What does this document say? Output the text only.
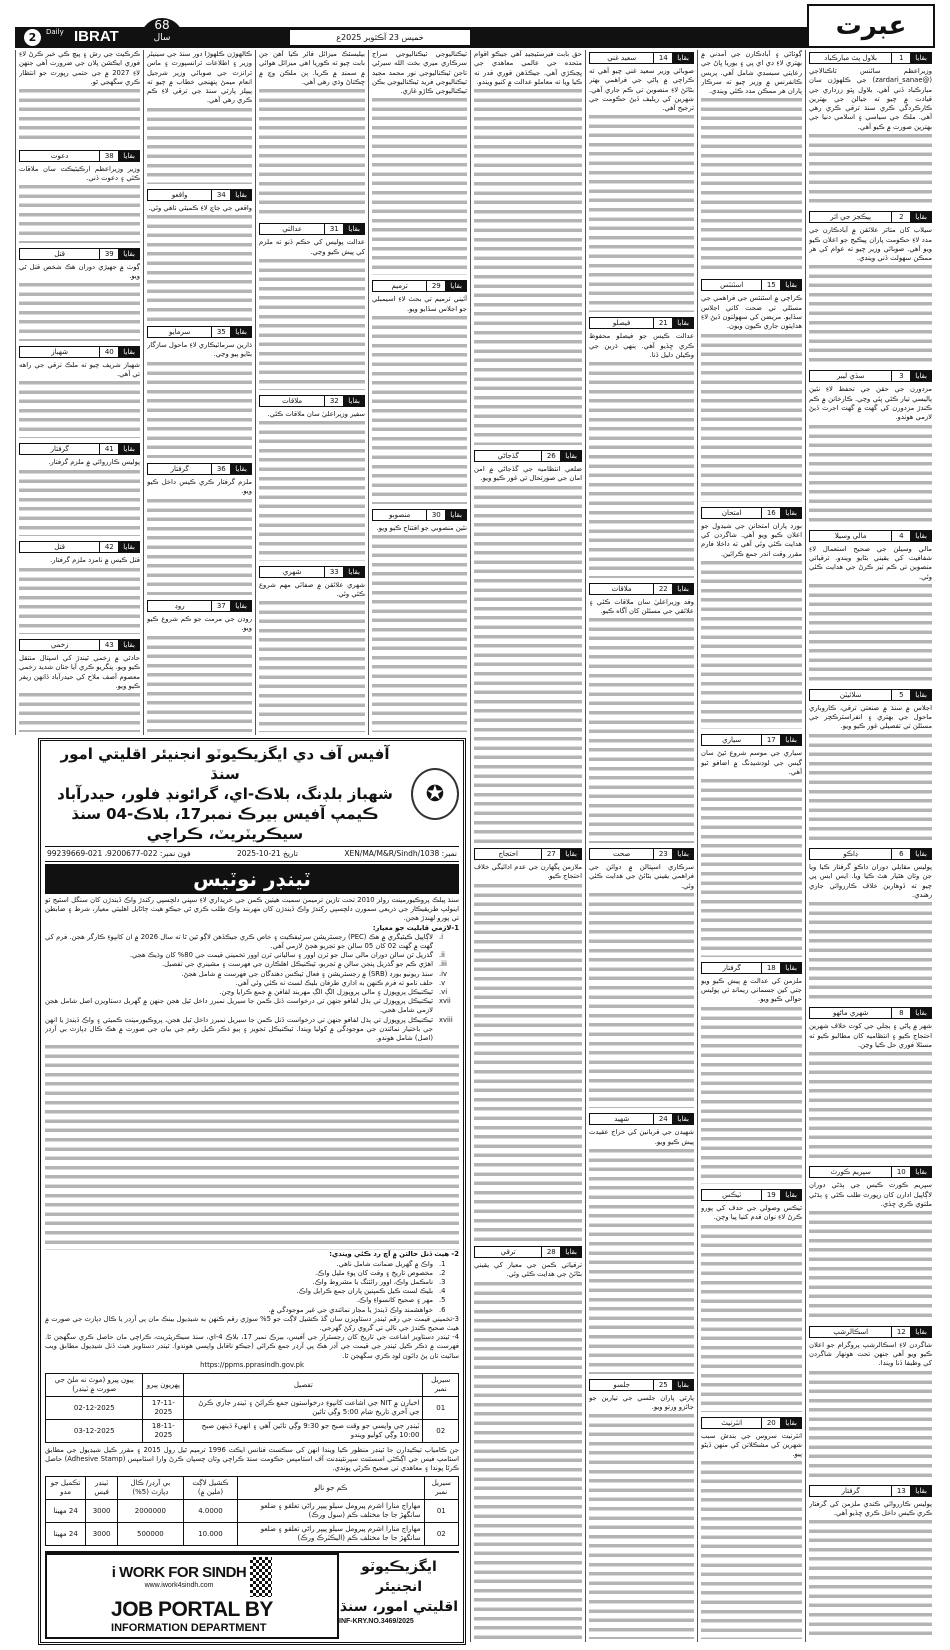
عبرت
2	Daily IBRAT
68
سال	خميس 23 آڪٽوبر 2025ع
بقايا
1
بلاول پٽ مبارڪباد
وزيراعظم سائنس ٽاڪنالاجي (@zardari_sanae) جي ڪلهوڙن سان مبارڪباد ڏني آهي. بلاول ڀٽو زرداري جي قيادت ۾ چيو ته جيالن جي بهترين ڪارڪردگي ڪري سنڌ ترقي ڪري رهي آهي. ملڪ جي سياسي ۽ اسلامي دنيا جي بهترين صورت ۾ ڪيو آهي.
بقايا
2
پيڪجز جي اثر
سيلاب کان متاثر علائقن ۾ آبادڪارن جي مدد لاءِ حڪومت پاران پيڪيج جو اعلان ڪيو ويو آهي. صوبائي وزير چيو ته عوام کي هر ممڪن سهولت ڏني ويندي.
بقايا
3
سڌي ليبر
مزدورن جي حقن جي تحفظ لاءِ نئين پاليسي تيار ڪئي پئي وڃي. ڪارخانن ۾ ڪم ڪندڙ مزدورن کي گهٽ ۾ گهٽ اجرت ڏيڻ لازمي هوندو.
بقايا
4
مالي وسيلا
مالي وسيلن جي صحيح استعمال لاءِ شفافيت کي يقيني بڻايو ويندو. ترقياتي منصوبن تي ڪم تيز ڪرڻ جي هدايت ڪئي وئي.
بقايا
5
سلائيٽن
اجلاس ۾ سنڌ ۾ صنعتي ترقي، ڪاروباري ماحول جي بهتري ۽ انفراسٽرڪچر جي مسئلن تي تفصيلي غور ڪيو ويو.
بقايا
6
ڊاڪو
پوليس مقابلي دوران ڊاڪو گرفتار ڪيا ويا جن وٽان هٿيار هٿ ڪيا ويا. ايس ايس پي چيو ته ڏوهارين خلاف ڪارروائي جاري رهندي.
بقايا
8
شهري ماڻهو
شهر ۾ پاڻي ۽ بجلي جي کوٽ خلاف شهرين احتجاج ڪيو ۽ انتظاميه کان مطالبو ڪيو ته مسئلا فوري حل ڪيا وڃن.
بقايا
10
سپريم ڪورٽ
سپريم ڪورٽ ڪيس جي ٻڌڻي دوران لاڳاپيل ادارن کان رپورٽ طلب ڪئي ۽ ٻڌڻي ملتوي ڪري ڇڏي.
بقايا
12
اسڪالرشپ
شاگردن لاءِ اسڪالرشپ پروگرام جو اعلان ڪيو ويو آهي جنهن تحت هونهار شاگردن کي وظيفا ڏنا ويندا.
بقايا
13
گرفتار
پوليس ڪارروائي ڪندي ملزمن کي گرفتار ڪري ڪيس داخل ڪري ڇڏيو آهي.
ڳوٺاڻي ۽ آبادڪارن جي آمدني ۾ بهتري لاءِ ڊي اي پي ۽ يوريا ڀاڻ جي رعايتي سبسڊي شامل آهي. پريس ڪانفرنس ۾ وزير چيو ته سرڪار پاران هر ممڪن مدد ڪئي ويندي.
بقايا
15
اسٽنٽس
ڪراچي ۾ اسٽنٽس جي فراهمي جي مسئلي تي صحت کاتي اجلاس سڏايو. مريضن کي سهولتون ڏيڻ لاءِ هدايتون جاري ڪيون ويون.
بقايا
16
امتحان
بورڊ پاران امتحانن جي شيڊول جو اعلان ڪيو ويو آهي. شاگردن کي هدايت ڪئي وئي آهي ته داخلا فارم مقرر وقت اندر جمع ڪرائين.
بقايا
17
سياري
سياري جي موسم شروع ٿيڻ سان گيس جي لوڊشيڊنگ ۾ اضافو ٿيو آهي.
بقايا
18
گرفتار
ملزمن کي عدالت ۾ پيش ڪيو ويو جتي کين جسماني ريمانڊ تي پوليس حوالي ڪيو ويو.
بقايا
19
ٽيڪس
ٽيڪس وصولي جي حدف کي پورو ڪرڻ لاءِ نوان قدم کنيا پيا وڃن.
بقايا
20
انٽرنيٽ
انٽرنيٽ سروس جي بندش سبب شهرين کي مشڪلاتن کي منهن ڏيڻو پيو.
بقايا
14
سعيد غني
صوبائي وزير سعيد غني چيو آهي ته ڪراچي ۾ پاڻي جي فراهمي بهتر بڻائڻ لاءِ منصوبن تي ڪم جاري آهي. شهرين کي ريليف ڏيڻ حڪومت جي ترجيح آهي.
بقايا
21
فيصلو
عدالت ڪيس جو فيصلو محفوظ ڪري ڇڏيو آهي. ٻنهي ڌرين جي وڪيلن دليل ڏنا.
بقايا
22
ملاقات
وفد وزيراعليٰ سان ملاقات ڪئي ۽ علائقي جي مسئلن کان آگاه ڪيو.
بقايا
23
صحت
سرڪاري اسپتالن ۾ دوائن جي فراهمي يقيني بڻائڻ جي هدايت ڪئي وئي.
بقايا
24
شهيد
شهيدن جي قربانين کي خراج عقيدت پيش ڪيو ويو.
بقايا
25
جلسو
پارٽي پاران جلسي جي تيارين جو جائزو ورتو ويو.
حق بابت فيرسٽيجيڊ آهي جيڪو اقوام متحده جي عالمي معاهدي جي ڀڃڪڙي آهي. جيڪڏهن قوري قدر نه ڪيا ويا ته معاملو عدالت ۾ کنيو ويندو.
بقايا
26
گڏجاڻي
ضلعي انتظاميه جي گڏجاڻي ۾ امن امان جي صورتحال تي غور ڪيو ويو.
بقايا
27
احتجاج
ملازمن پگهارن جي عدم ادائيگي خلاف احتجاج ڪيو.
بقايا
28
ترقي
ترقياتي ڪمن جي معيار کي يقيني بڻائڻ جي هدايت ڪئي وئي.
ٽيڪناليوجي ٽيڪناليوجي سراج سرڪاري ميري بخت الله سيرڻي تاجن ٽيڪناليوجي نور محمد مجيد ٽيڪناليوجي فريد ٽيڪناليوجي بڪن ٽيڪناليوجي ڪاڙو غازي.
بقايا
29
ترميم
آئيني ترميم تي بحث لاءِ اسيمبلي جو اجلاس سڏايو ويو.
بقايا
30
منصوبو
نئين منصوبي جو افتتاح ڪيو ويو.
بيليسٽڪ ميزائل فائر ڪيا آهن جن بابت چيو ته ڪوريا اهي ميزائل هوائي ۾ سمنڊ ۾ ڪريا. ٻن ملڪن وچ ۾ ڇڪتاڻ وڌي رهي آهي.
بقايا
31
عدالتي
عدالت پوليس کي حڪم ڏنو ته ملزم کي پيش ڪيو وڃي.
بقايا
32
ملاقات
سفير وزيراعليٰ سان ملاقات ڪئي.
بقايا
33
شهري
شهري علائقن ۾ صفائي مهم شروع ڪئي وئي.
ڪالهوڙن ڪلهوڙا دور سنڌ جي سينيئر وزير ۽ اطلاعات ٽرانسپورٽ ۽ ماس ٽرانزٽ جي صوبائي وزير شرجيل انعام ميمڻ پنهنجي خطاب ۾ چيو ته پيپلز پارٽي سنڌ جي ترقي لاءِ ڪم ڪري رهي آهي.
بقايا
34
واقعو
واقعي جي جاچ لاءِ ڪميٽي ٺاهي وئي.
بقايا
35
سرمايو
ڌارين سرمائيڪاري لاءِ ماحول سازگار بڻايو پيو وڃي.
بقايا
36
گرفتار
ملزم گرفتار ڪري ڪيس داخل ڪيو ويو.
بقايا
37
روڊ
روڊن جي مرمت جو ڪم شروع ڪيو ويو.
ڪرڪيٽ جي رش ۽ پيچ ڪي خبر ڪرڻ لاءِ فوري ايڪشن پلان جي ضرورت آهي جنهن لاءِ 2027 ۾ جي حتمي رپورٽ جو انتظار ڪري سگهجي ٿو.
بقايا
38
دعوت
وزير وزيراعظم ارڪيٽيڪٽ سان ملاقات ڪئي ۽ دعوت ڏني.
بقايا
39
قتل
ڳوٺ ۾ جهيڙي دوران هڪ شخص قتل ٿي ويو.
بقايا
40
شهباز
شهباز شريف چيو ته ملڪ ترقي جي راهه تي آهي.
بقايا
41
گرفتار
پوليس ڪارروائي ۾ ملزم گرفتار.
بقايا
42
قتل
قتل ڪيس ۾ نامزد ملزم گرفتار.
بقايا
43
زخمي
حادثي ۾ زخمي ٿيندڙ کي اسپتال منتقل ڪيو ويو. پنگريو ڪري آيا جتان شديد زخمي معصوم آصف ملاح کي حيدرآباد ڏانهن ريفر ڪيو ويو.
✪
آفيس آف دي ايگزيڪيوٽو انجنيئر اقليتي امور سنڌ
شهباز بلڊنگ، بلاڪ-اي، گرائونڊ فلور، حيدرآباد
ڪيمپ آفيس بيرڪ نمبر17، بلاڪ-04 سنڌ سيڪريٽريٽ، ڪراچي
نمبر: XEN/MA/M&R/Sindh/1038
تاريخ 21-10-2025
فون نمبر: 022-9200677، 021-99239669
ٽينڊر نوٽيس
سنڌ پبلڪ پروڪيورمينٽ رولز 2010 تحت تازين ترميمن سميت هيٺين ڪمن جي خريداري لاءِ سڀني دلچسپي رکندڙ واڪ ڏيندڙن کان سنگل اسٽيج ٽو اينولپ طريقيڪار جي ذريعي سمورن دلچسپي رکندڙ واڪ ڏيندڙن کان مهربند واڪ طلب ڪري ٿي جيڪو هيٺ ڄاڻايل اهليتي معيار، شرط ۽ ضابطن تي پورو لهندڙ هجن.
1-لازمي قابليت جو معيار:
i.
لاڳاپيل ڪيٽيگري ۾ هڪ (PEC) رجسٽريشن سرٽيفڪيٽ ۽ خاص ڪري جيڪڏهن لاڳو ٿين ٿا ته سال 2026 ۾ ان کانپوءِ ڪارگر هجن. فرم کي گهٽ ۾ گهٽ 02 کان 05 سالن جو تجربو هجڻ لازمي آهي.
ii.
گذريل ٽن سالن دوران مالي سال جو ٽرن اوور ۽ سالياني ٽرن اوور تخميني قيمت جي 80% کان وڌيڪ هجي.
iii.
اهڙي ڪم جو گذريل پنجن سالن ۾ تجربو، ٽيڪنيڪل اهلڪارن جي فهرست ۽ مشينري جي تفصيل.
iv.
سنڌ ريونيو بورڊ (SRB) ۾ رجسٽريشن ۽ فعال ٽيڪس دهندگان جي فهرست ۾ شامل هجڻ.
v.
حلف نامو ته فرم ڪنهن به اداري طرفان بليڪ لسٽ نه ڪئي وئي آهي.
vi.
ٽيڪنيڪل پروپوزل ۽ مالي پروپوزل الڳ الڳ مهربند لفافن ۾ جمع ڪرايا وڃن.
xvii
ٽيڪنيڪل پروپوزل تي ٻڌل لفافو جنهن تي درخواست ڏنل ڪمن جا سيريل نمبرز داخل ٿيل هجن جنهن ۾ گهربل دستاويزن اصل شامل هجن لازمي شامل هجي.
xviii
ٽيڪنيڪل پروپوزل تي ٻڌل لفافو جنهن تي درخواست ڏنل ڪمن جا سيريل نمبرز داخل ٿيل هجن، پروڪيورمينٽ ڪميٽي ۽ واڪ ڏيندڙ يا انهن جي باختيار نمائندن جي موجودگي ۾ کوليا ويندا. ٽيڪنيڪل تجويز ۽ ٻيو ذڪر ڪيل رقم جي بيان جي صورت ۾ هڪ ڪال ڊپازٽ بي آرڊر (اصل) شامل هوندو.
2- هيٺ ڏنل حالتن ۾ آڇ رد ڪئي ويندي:
1.
واڪ ۾ گهربل ضمانت شامل ناهي.
2.
مخصوص تاريخ ۽ وقت کان پوءِ مليل واڪ.
3.
نامڪمل واڪ، اوور رائٽنگ يا مشروط واڪ.
4.
بليڪ لسٽ ڪيل ڪمپنين پاران جمع ڪرايل واڪ.
5.
مهر ۽ صحيح کانسواءِ واڪ.
6.
خواهشمند واڪ ڏيندڙ يا مجاز نمائندي جي غير موجودگي ۾.
3-تخميني قيمت جي رقم ٽينڊر دستاويزن سان گڏ ڪشيل لاڳت جو 5% سوڙي رقم ڪنهن به شيڊيول بينڪ مان پي آرڊر يا ڪال ڊپازٽ جي صورت ۾ هيٺ صحيح ڪندڙ جي نالي تي گروي رکڻ گهرجي.
4- ٽينڊر دستاويز اشاعت جي تاريخ کان رجسٽرار جي آفيس، بيرڪ نمبر 17، بلاڪ 4-اي، سنڌ سيڪريٽريٽ، ڪراچي مان حاصل ڪري سگهجن ٿا. فهرست ۾ ذڪر ڪيل ٽينڊر جي قيمت جي آڊر هڪ پي آرڊر جمع ڪرائي (جيڪو ناقابل واپسي هوندو). ٽينڊر دستاويز هيٺ ڏنل شيڊيول مطابق ويب سائيٽ تان پڻ ڊائون لوڊ ڪري سگهجن ٿا.
https://ppms.pprasindh.gov.pk
سيريل نمبر	تفصيل	پهريون پيرو	ٻيون پيرو (موٽ نه ملڻ جي صورت ۾ ٽينڊر)
01	اخبارن ۾ NIT جي اشاعت کانپوءِ درخواستون جمع ڪرائڻ ۽ ٽينڊر جاري ڪرڻ جي آخري تاريخ شام 5:00 وڳي تائين	17-11-2025	02-12-2025
02	ٽينڊر جي واپسي جو وقت صبح جو 9:30 وڳي تائين آهي ۽ انهيءَ ڏينهن صبح 10:00 وڳي کوليو ويندو	18-11-2025	03-12-2025
جن ڪامياب ٺيڪيدارن جا ٽينڊر منظور ڪيا ويندا انهن کي سڪسٽ فنانس ايڪٽ 1996 ترميم ٿيل رول 2015 ۽ مقرر ڪيل شيڊيول جي مطابق اسٽامپ فيس جي اڳڪڻي اسسٽنٽ سپرنٽينڊنٽ آف اسٽامپس حڪومت سنڌ ڪراچي وٽان چسپان ڪرڻ وارا اسٽامپس (Adhesive Stamp) حاصل ڪرڻا پوندا ۽ معاهدي تي صحيح ڪرڻي پوندي.
سيريل نمبر	ڪم جو نالو	ڪشيل لاڳت (ملين ۾)	بي آرڊر/ ڪال ڊپازٽ (5%)	ٽينڊر فيس	تڪميل جو مدو
01	مهاراج منارا اشرم پيرومل سيلو پيپر راڻي تعلقو ۽ ضلعو سانگهڙ جا جا مختلف ڪم (سول ورڪ)	4.0000	2000000	3000	24 مهينا
02	مهاراج منارا اشرم پيرومل سيلو پيپر راڻي تعلقو ۽ ضلعو سانگهڙ جا جا مختلف ڪم (اليڪٽرڪ ورڪ)	10.000	500000	3000	24 مهينا
ايگزيڪيوٽو انجنيئر
اقليتي امور، سنڌ
INF-KRY.NO.3469/2025
i WORK FOR SINDH
www.iwork4sindh.com
JOB PORTAL BY
INFORMATION DEPARTMENT
